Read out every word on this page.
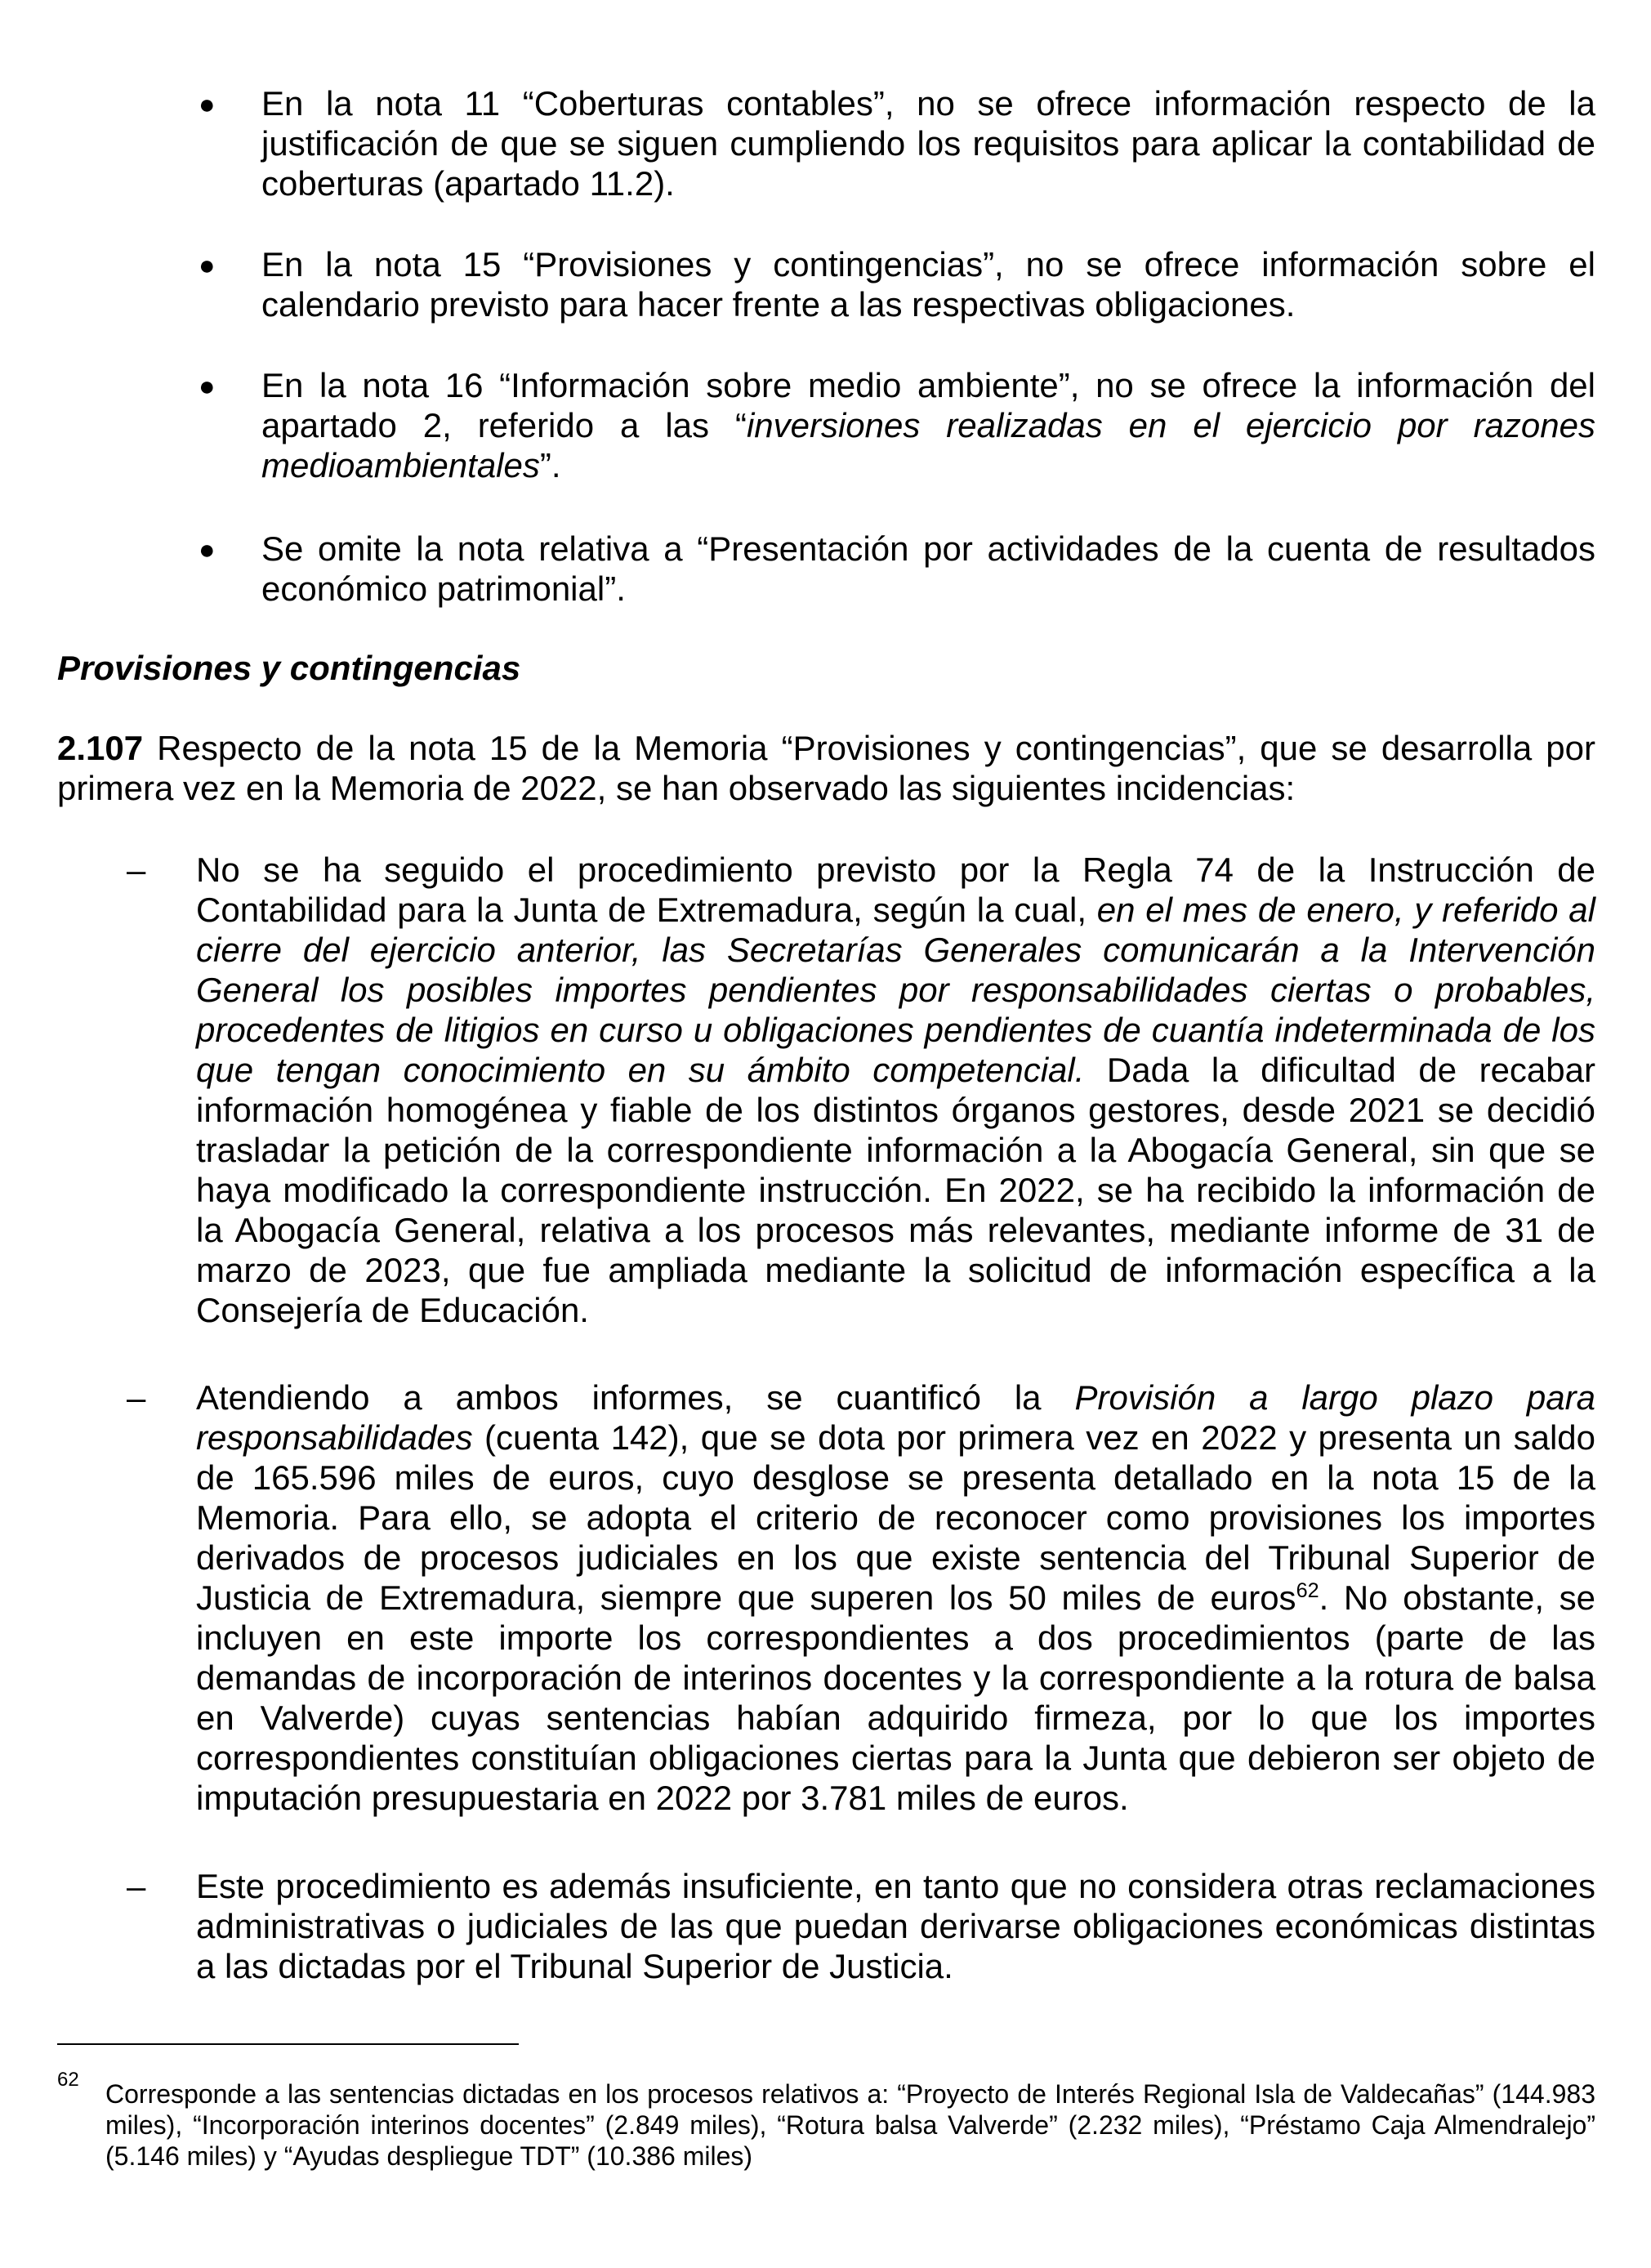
● En la nota 11 “Coberturas contables”, no se ofrece información respecto de la justificación de que se siguen cumpliendo los requisitos para aplicar la contabilidad de coberturas (apartado 11.2).

● En la nota 15 “Provisiones y contingencias”, no se ofrece información sobre el calendario previsto para hacer frente a las respectivas obligaciones.

● En la nota 16 “Información sobre medio ambiente”, no se ofrece la información del apartado 2, referido a las “inversiones realizadas en el ejercicio por razones medioambientales”.

● Se omite la nota relativa a “Presentación por actividades de la cuenta de resultados económico patrimonial”.

Provisiones y contingencias

2.107 Respecto de la nota 15 de la Memoria “Provisiones y contingencias”, que se desarrolla por primera vez en la Memoria de 2022, se han observado las siguientes incidencias:

– No se ha seguido el procedimiento previsto por la Regla 74 de la Instrucción de Contabilidad para la Junta de Extremadura, según la cual, en el mes de enero, y referido al cierre del ejercicio anterior, las Secretarías Generales comunicarán a la Intervención General los posibles importes pendientes por responsabilidades ciertas o probables, procedentes de litigios en curso u obligaciones pendientes de cuantía indeterminada de los que tengan conocimiento en su ámbito competencial. Dada la dificultad de recabar información homogénea y fiable de los distintos órganos gestores, desde 2021 se decidió trasladar la petición de la correspondiente información a la Abogacía General, sin que se haya modificado la correspondiente instrucción. En 2022, se ha recibido la información de la Abogacía General, relativa a los procesos más relevantes, mediante informe de 31 de marzo de 2023, que fue ampliada mediante la solicitud de información específica a la Consejería de Educación.

– Atendiendo a ambos informes, se cuantificó la Provisión a largo plazo para responsabilidades (cuenta 142), que se dota por primera vez en 2022 y presenta un saldo de 165.596 miles de euros, cuyo desglose se presenta detallado en la nota 15 de la Memoria. Para ello, se adopta el criterio de reconocer como provisiones los importes derivados de procesos judiciales en los que existe sentencia del Tribunal Superior de Justicia de Extremadura, siempre que superen los 50 miles de euros$^{62}$. No obstante, se incluyen en este importe los correspondientes a dos procedimientos (parte de las demandas de incorporación de interinos docentes y la correspondiente a la rotura de balsa en Valverde) cuyas sentencias habían adquirido firmeza, por lo que los importes correspondientes constituían obligaciones ciertas para la Junta que debieron ser objeto de imputación presupuestaria en 2022 por 3.781 miles de euros.

– Este procedimiento es además insuficiente, en tanto que no considera otras reclamaciones administrativas o judiciales de las que puedan derivarse obligaciones económicas distintas a las dictadas por el Tribunal Superior de Justicia.

62 Corresponde a las sentencias dictadas en los procesos relativos a: “Proyecto de Interés Regional Isla de Valdecañas” (144.983 miles), “Incorporación interinos docentes” (2.849 miles), “Rotura balsa Valverde” (2.232 miles), “Préstamo Caja Almendralejo” (5.146 miles) y “Ayudas despliegue TDT” (10.386 miles)
